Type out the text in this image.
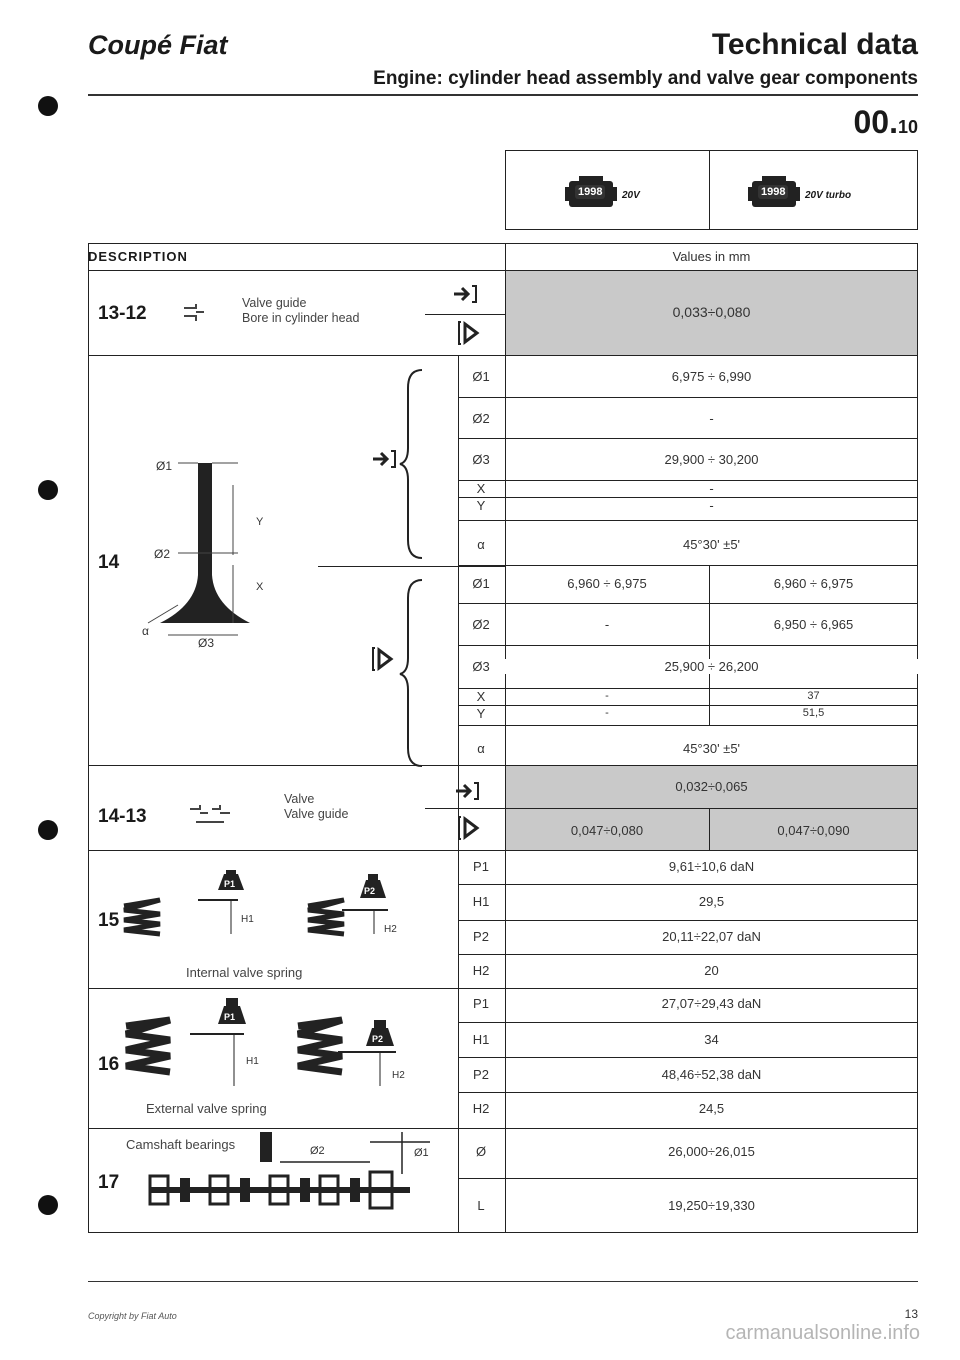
Coupé Fiat	Technical data
Engine: cylinder head assembly and valve gear components
00.10
1998	20V	1998	20V turbo
DESCRIPTION	Values in mm
13-12	Valve guide
Bore in cylinder head	0,033÷0,080
14
Ø1
Ø2
Ø3
Y
X
α
Ø1	6,975 ÷ 6,990
Ø2	-
Ø3	29,900 ÷ 30,200
X	-
Y	-
α	45°30' ±5'
Ø1	6,960 ÷ 6,975	6,960 ÷ 6,975
Ø2	-	6,950 ÷ 6,965
Ø3	25,900 ÷ 26,200
X	-	37
Y	-	51,5
α	45°30' ±5'
14-13
Valve
Valve guide
0,032÷0,065
0,047÷0,080	0,047÷0,090
15
P1
H1
P2
H2
Internal valve spring
P1	9,61÷10,6 daN
H1	29,5
P2	20,11÷22,07 daN
H2	20
16
P1
H1
P2
H2
External valve spring
P1	27,07÷29,43 daN
H1	34
P2	48,46÷52,38 daN
H2	24,5
17
Camshaft bearings	Ø2	Ø1	Ø	26,000÷26,015
L	19,250÷19,330
Copyright by Fiat Auto	13
carmanualsonline.info
